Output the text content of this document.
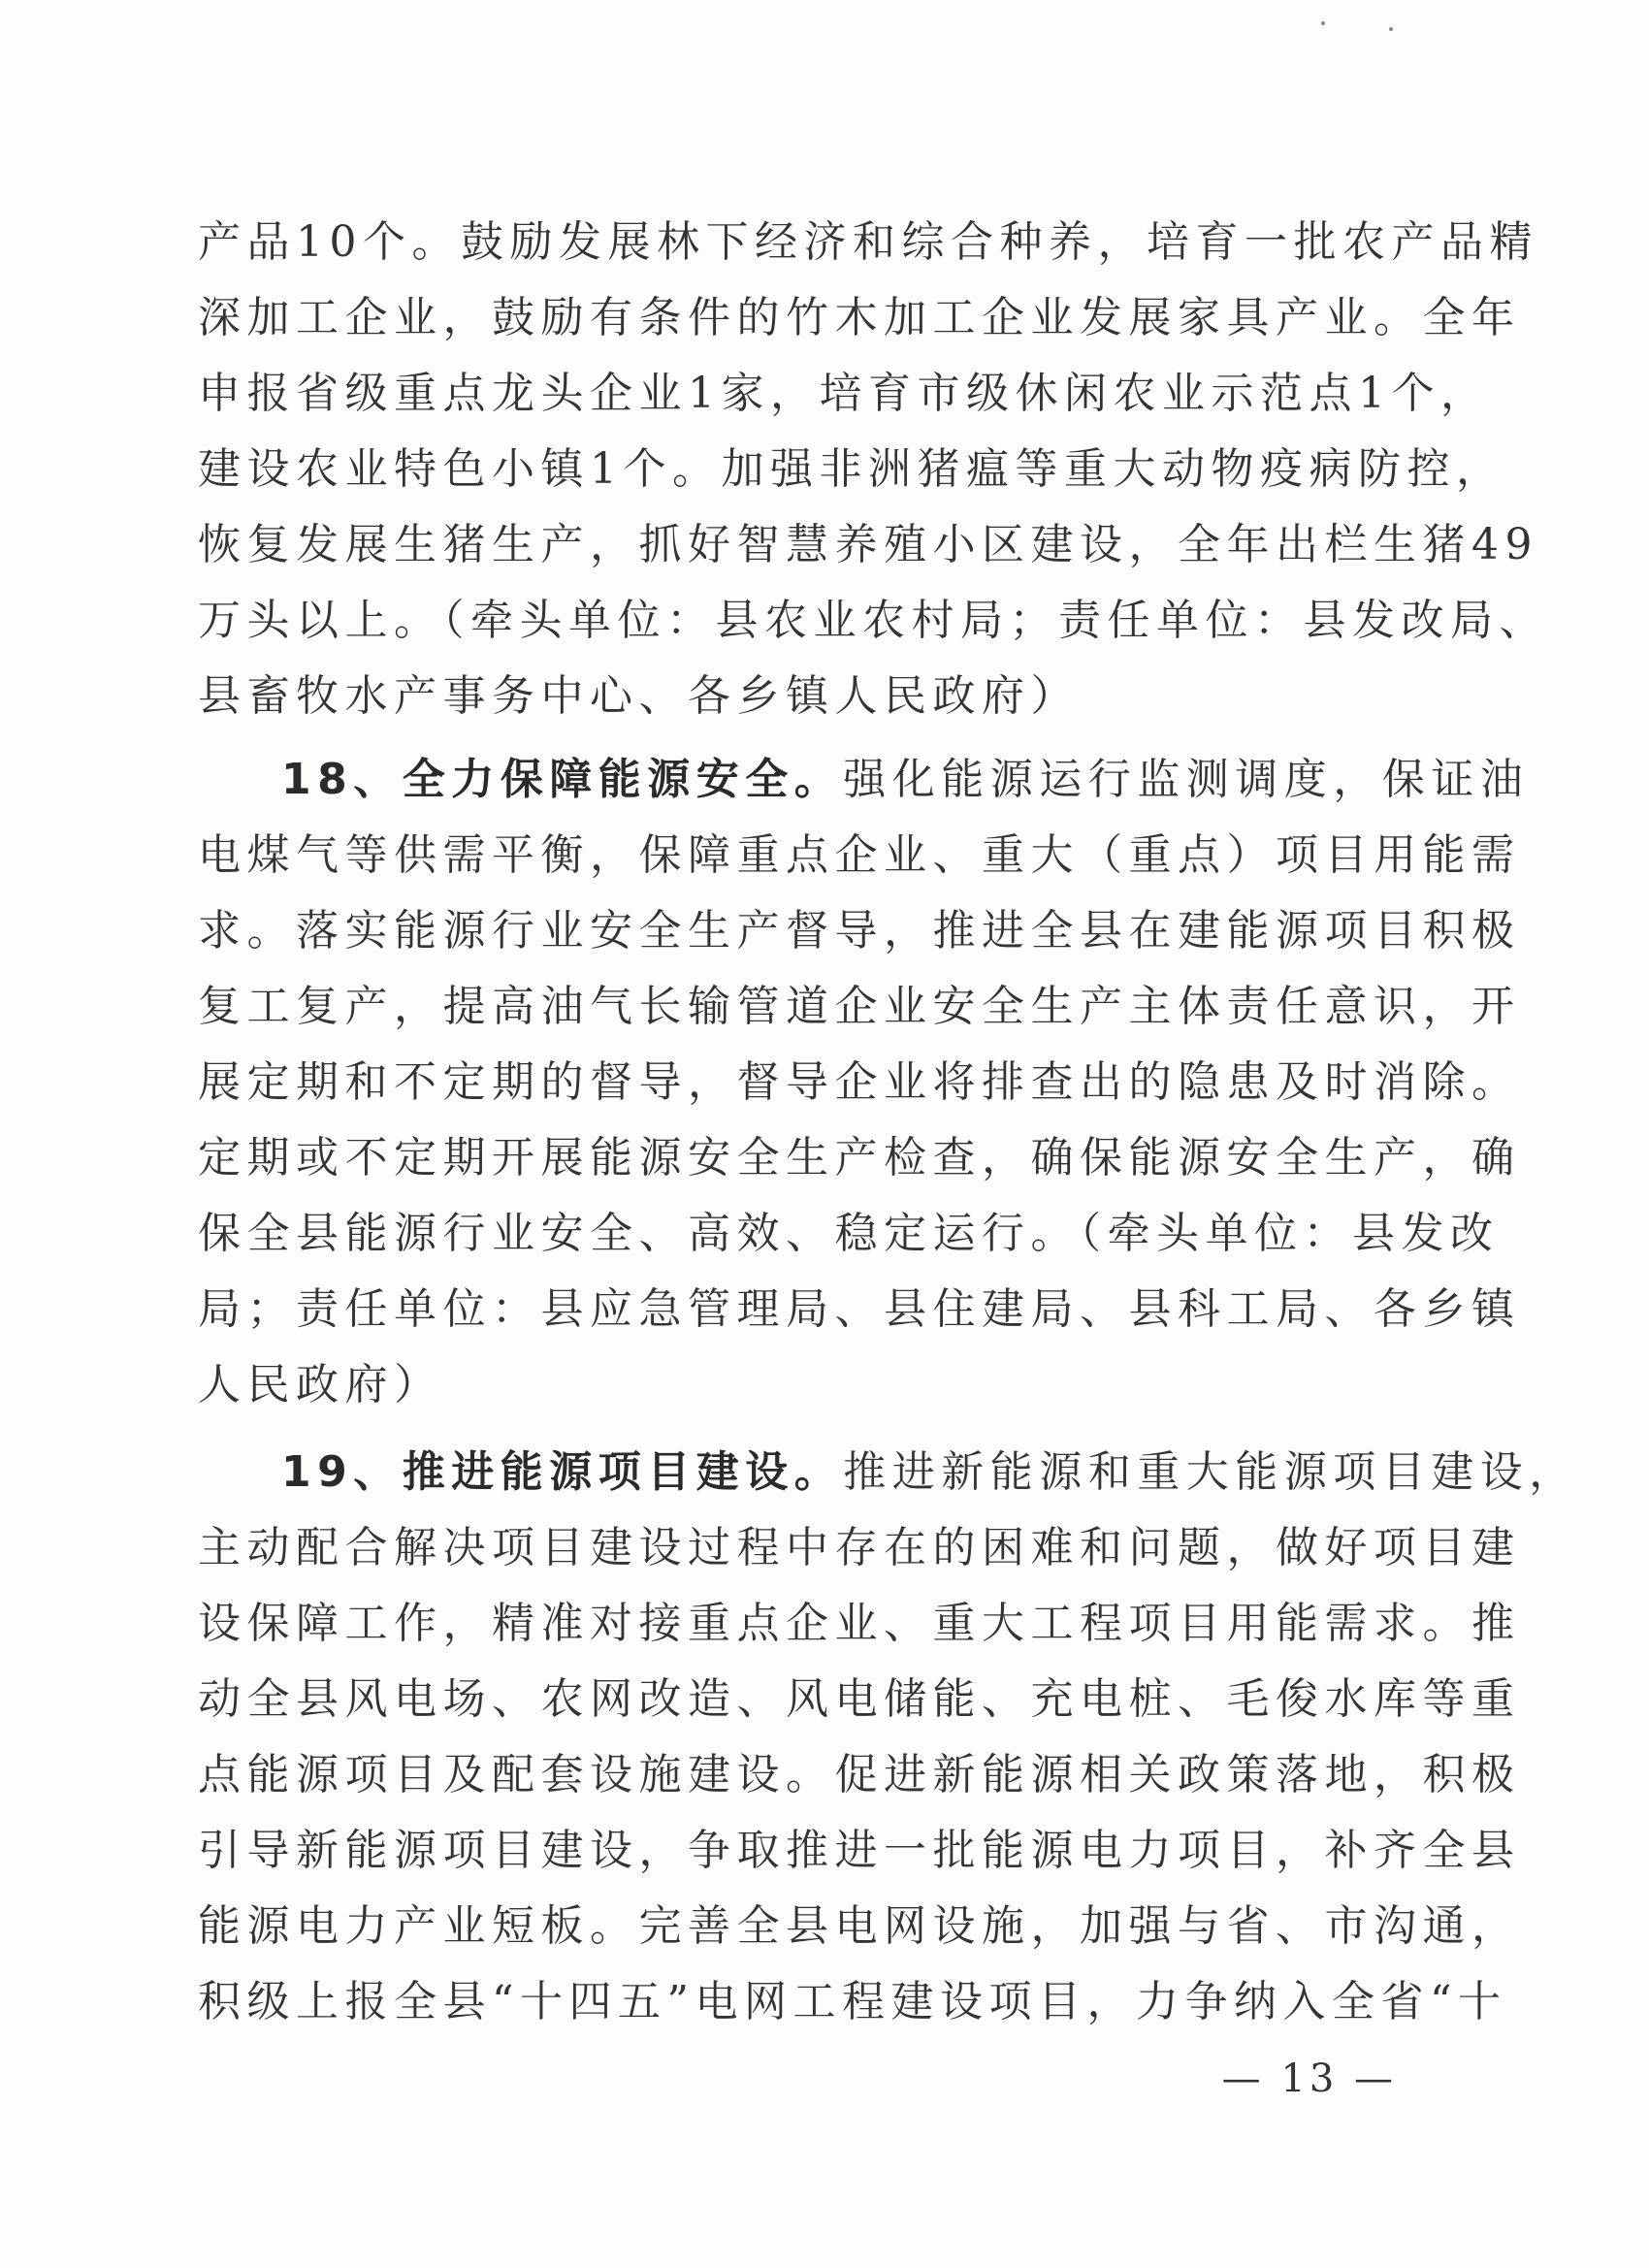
产品10个。鼓励发展林下经济和综合种养，培育一批农产品精
深加工企业，鼓励有条件的竹木加工企业发展家具产业。全年
申报省级重点龙头企业1家，培育市级休闲农业示范点1个，
建设农业特色小镇1个。加强非洲猪瘟等重大动物疫病防控，
恢复发展生猪生产，抓好智慧养殖小区建设，全年出栏生猪49
万头以上。（牵头单位：县农业农村局；责任单位：县发改局、
县畜牧水产事务中心、各乡镇人民政府）
18、全力保障能源安全。强化能源运行监测调度，保证油
电煤气等供需平衡，保障重点企业、重大（重点）项目用能需
求。落实能源行业安全生产督导，推进全县在建能源项目积极
复工复产，提高油气长输管道企业安全生产主体责任意识，开
展定期和不定期的督导，督导企业将排查出的隐患及时消除。
定期或不定期开展能源安全生产检查，确保能源安全生产，确
保全县能源行业安全、高效、稳定运行。（牵头单位：县发改
局；责任单位：县应急管理局、县住建局、县科工局、各乡镇
人民政府）
19、推进能源项目建设。推进新能源和重大能源项目建设，
主动配合解决项目建设过程中存在的困难和问题，做好项目建
设保障工作，精准对接重点企业、重大工程项目用能需求。推
动全县风电场、农网改造、风电储能、充电桩、毛俊水库等重
点能源项目及配套设施建设。促进新能源相关政策落地，积极
引导新能源项目建设，争取推进一批能源电力项目，补齐全县
能源电力产业短板。完善全县电网设施，加强与省、市沟通，
积级上报全县“十四五”电网工程建设项目，力争纳入全省“十
— 13 —
